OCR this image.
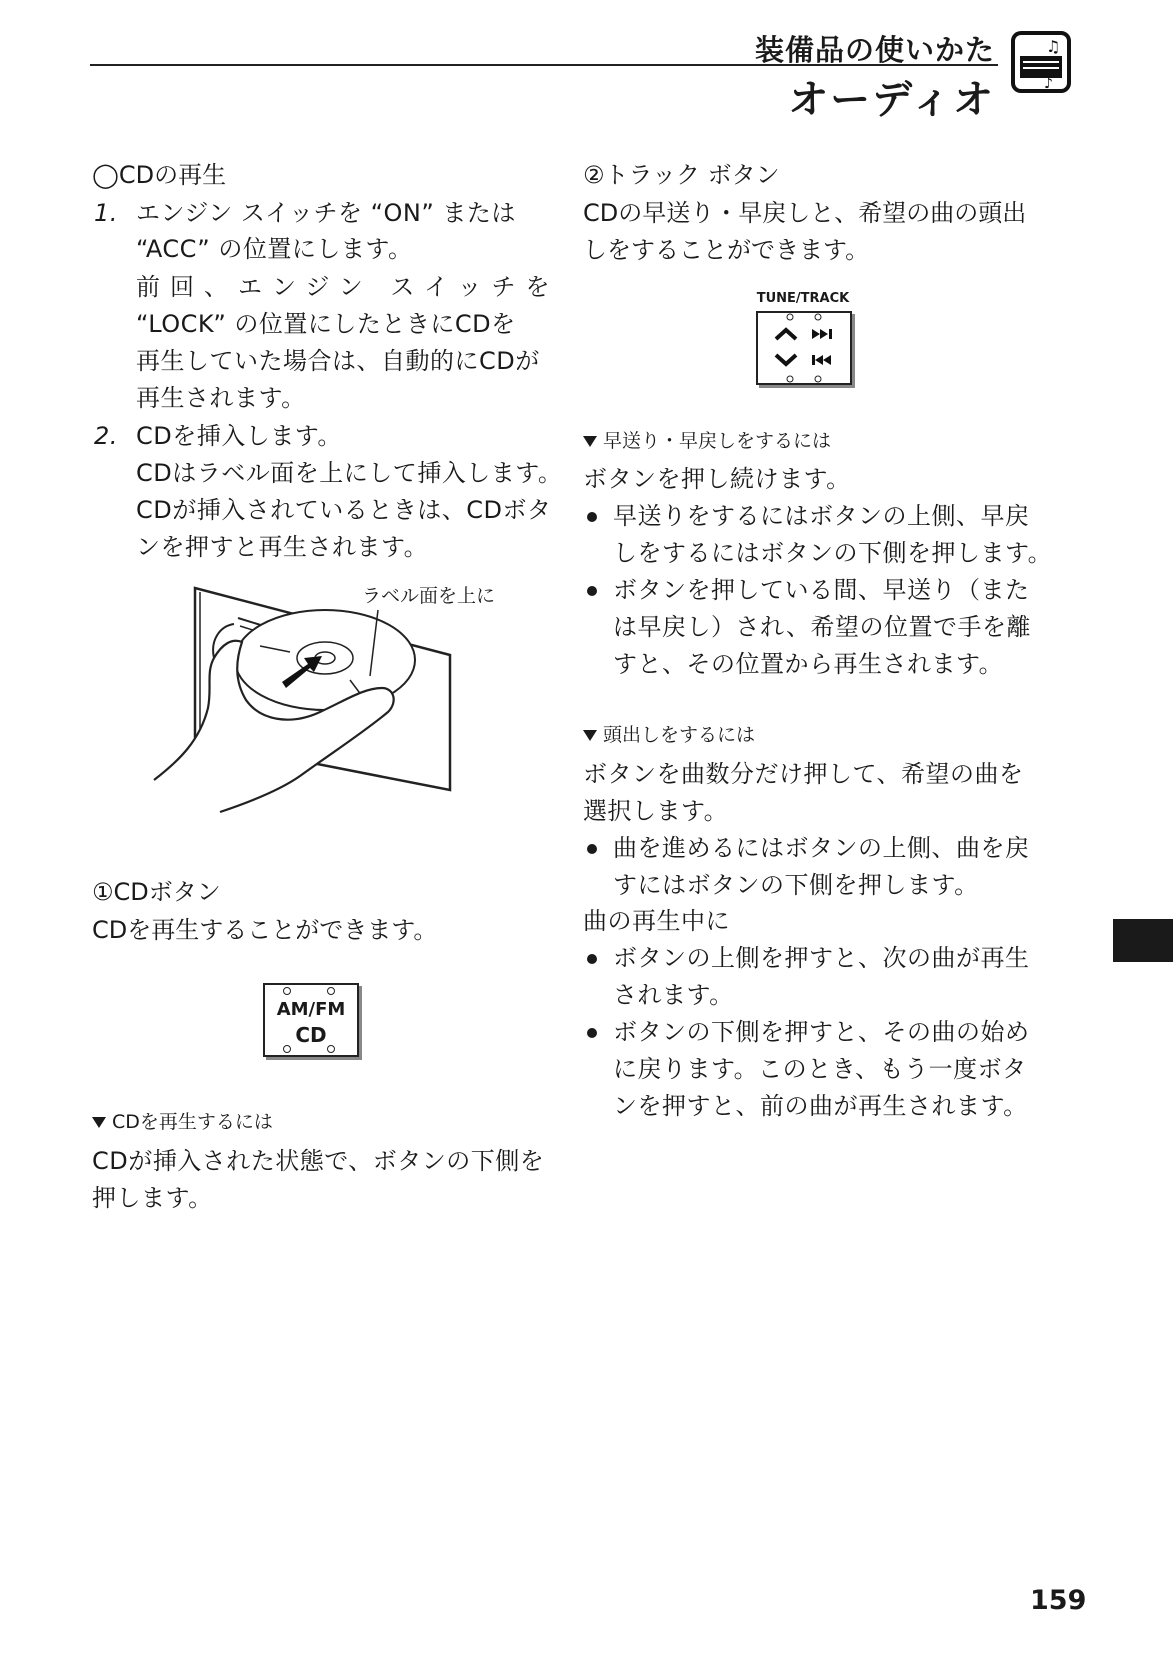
装備品の使いかた
オーディオ
♫
♪
◯CDの再生
1. エンジン スイッチを “ON” または
“ACC” の位置にします。
前回、エンジン スイッチを
“LOCK” の位置にしたときにCDを
再生していた場合は、自動的にCDが
再生されます。
2. CDを挿入します。
CDはラベル面を上にして挿入します。
CDが挿入されているときは、CDボタ
ンを押すと再生されます。
ラベル面を上に
①CDボタン
CDを再生することができます。
AM/FM
CD
CDを再生するには
CDが挿入された状態で、ボタンの下側を
押します。
②トラック ボタン
CDの早送り・早戻しと、希望の曲の頭出
しをすることができます。
TUNE/TRACK
早送り・早戻しをするには
ボタンを押し続けます。
早送りをするにはボタンの上側、早戻
しをするにはボタンの下側を押します。
ボタンを押している間、早送り（また
は早戻し）され、希望の位置で手を離
すと、その位置から再生されます。
頭出しをするには
ボタンを曲数分だけ押して、希望の曲を
選択します。
曲を進めるにはボタンの上側、曲を戻
すにはボタンの下側を押します。
曲の再生中に
ボタンの上側を押すと、次の曲が再生
されます。
ボタンの下側を押すと、その曲の始め
に戻ります。このとき、もう一度ボタ
ンを押すと、前の曲が再生されます。
159
